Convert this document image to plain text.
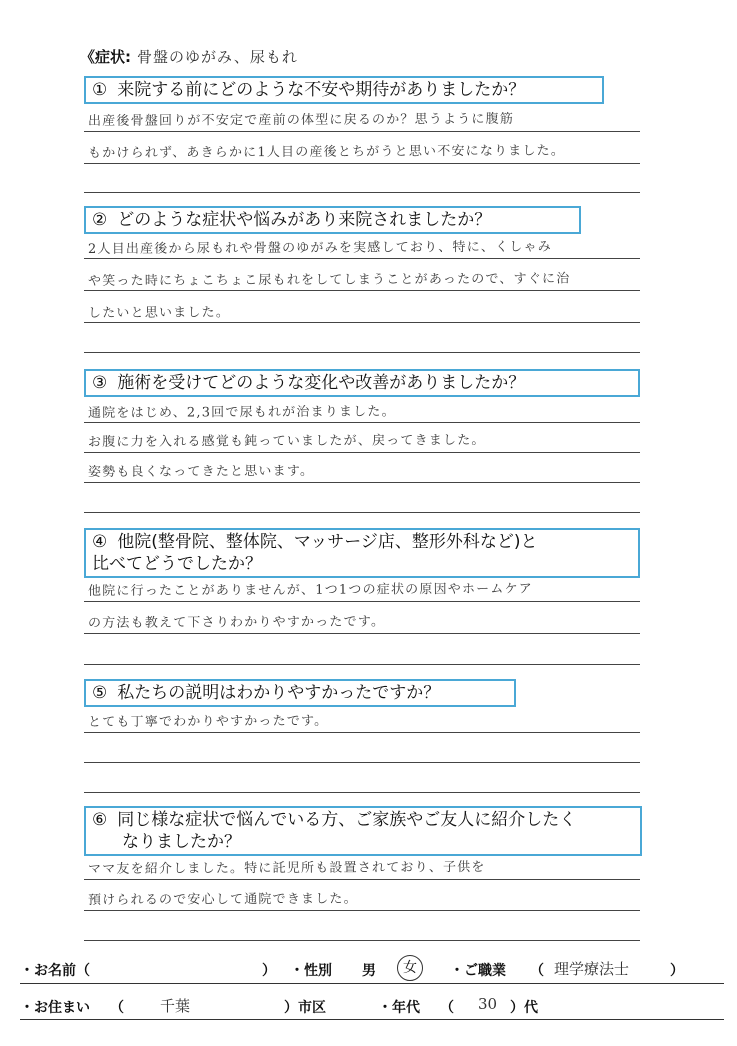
《症状: 骨盤のゆがみ、尿もれ
① 来院する前にどのような不安や期待がありましたか？
出産後骨盤回りが不安定で産前の体型に戻るのか？思うように腹筋
もかけられず、あきらかに1人目の産後とちがうと思い不安になりました。
② どのような症状や悩みがあり来院されましたか？
2人目出産後から尿もれや骨盤のゆがみを実感しており、特に、くしゃみ
や笑った時にちょこちょこ尿もれをしてしまうことがあったので、すぐに治
したいと思いました。
③ 施術を受けてどのような変化や改善がありましたか？
通院をはじめ、2,3回で尿もれが治まりました。
お腹に力を入れる感覚も鈍っていましたが、戻ってきました。
姿勢も良くなってきたと思います。
④ 他院(整骨院、整体院、マッサージ店、整形外科など)と
比べてどうでしたか？
他院に行ったことがありませんが、1つ1つの症状の原因やホームケア
の方法も教えて下さりわかりやすかったです。
⑤ 私たちの説明はわかりやすかったですか？
とても丁寧でわかりやすかったです。
⑥ 同じ様な症状で悩んでいる方、ご家族やご友人に紹介したく
なりましたか？
ママ友を紹介しました。特に託児所も設置されており、子供を
預けられるので安心して通院できました。
・お名前（	） ・性別 男	女	・ご職業 （ 理学療法士	）
・お住まい （ 千葉	）市区	・年代 （ 30 ）代
